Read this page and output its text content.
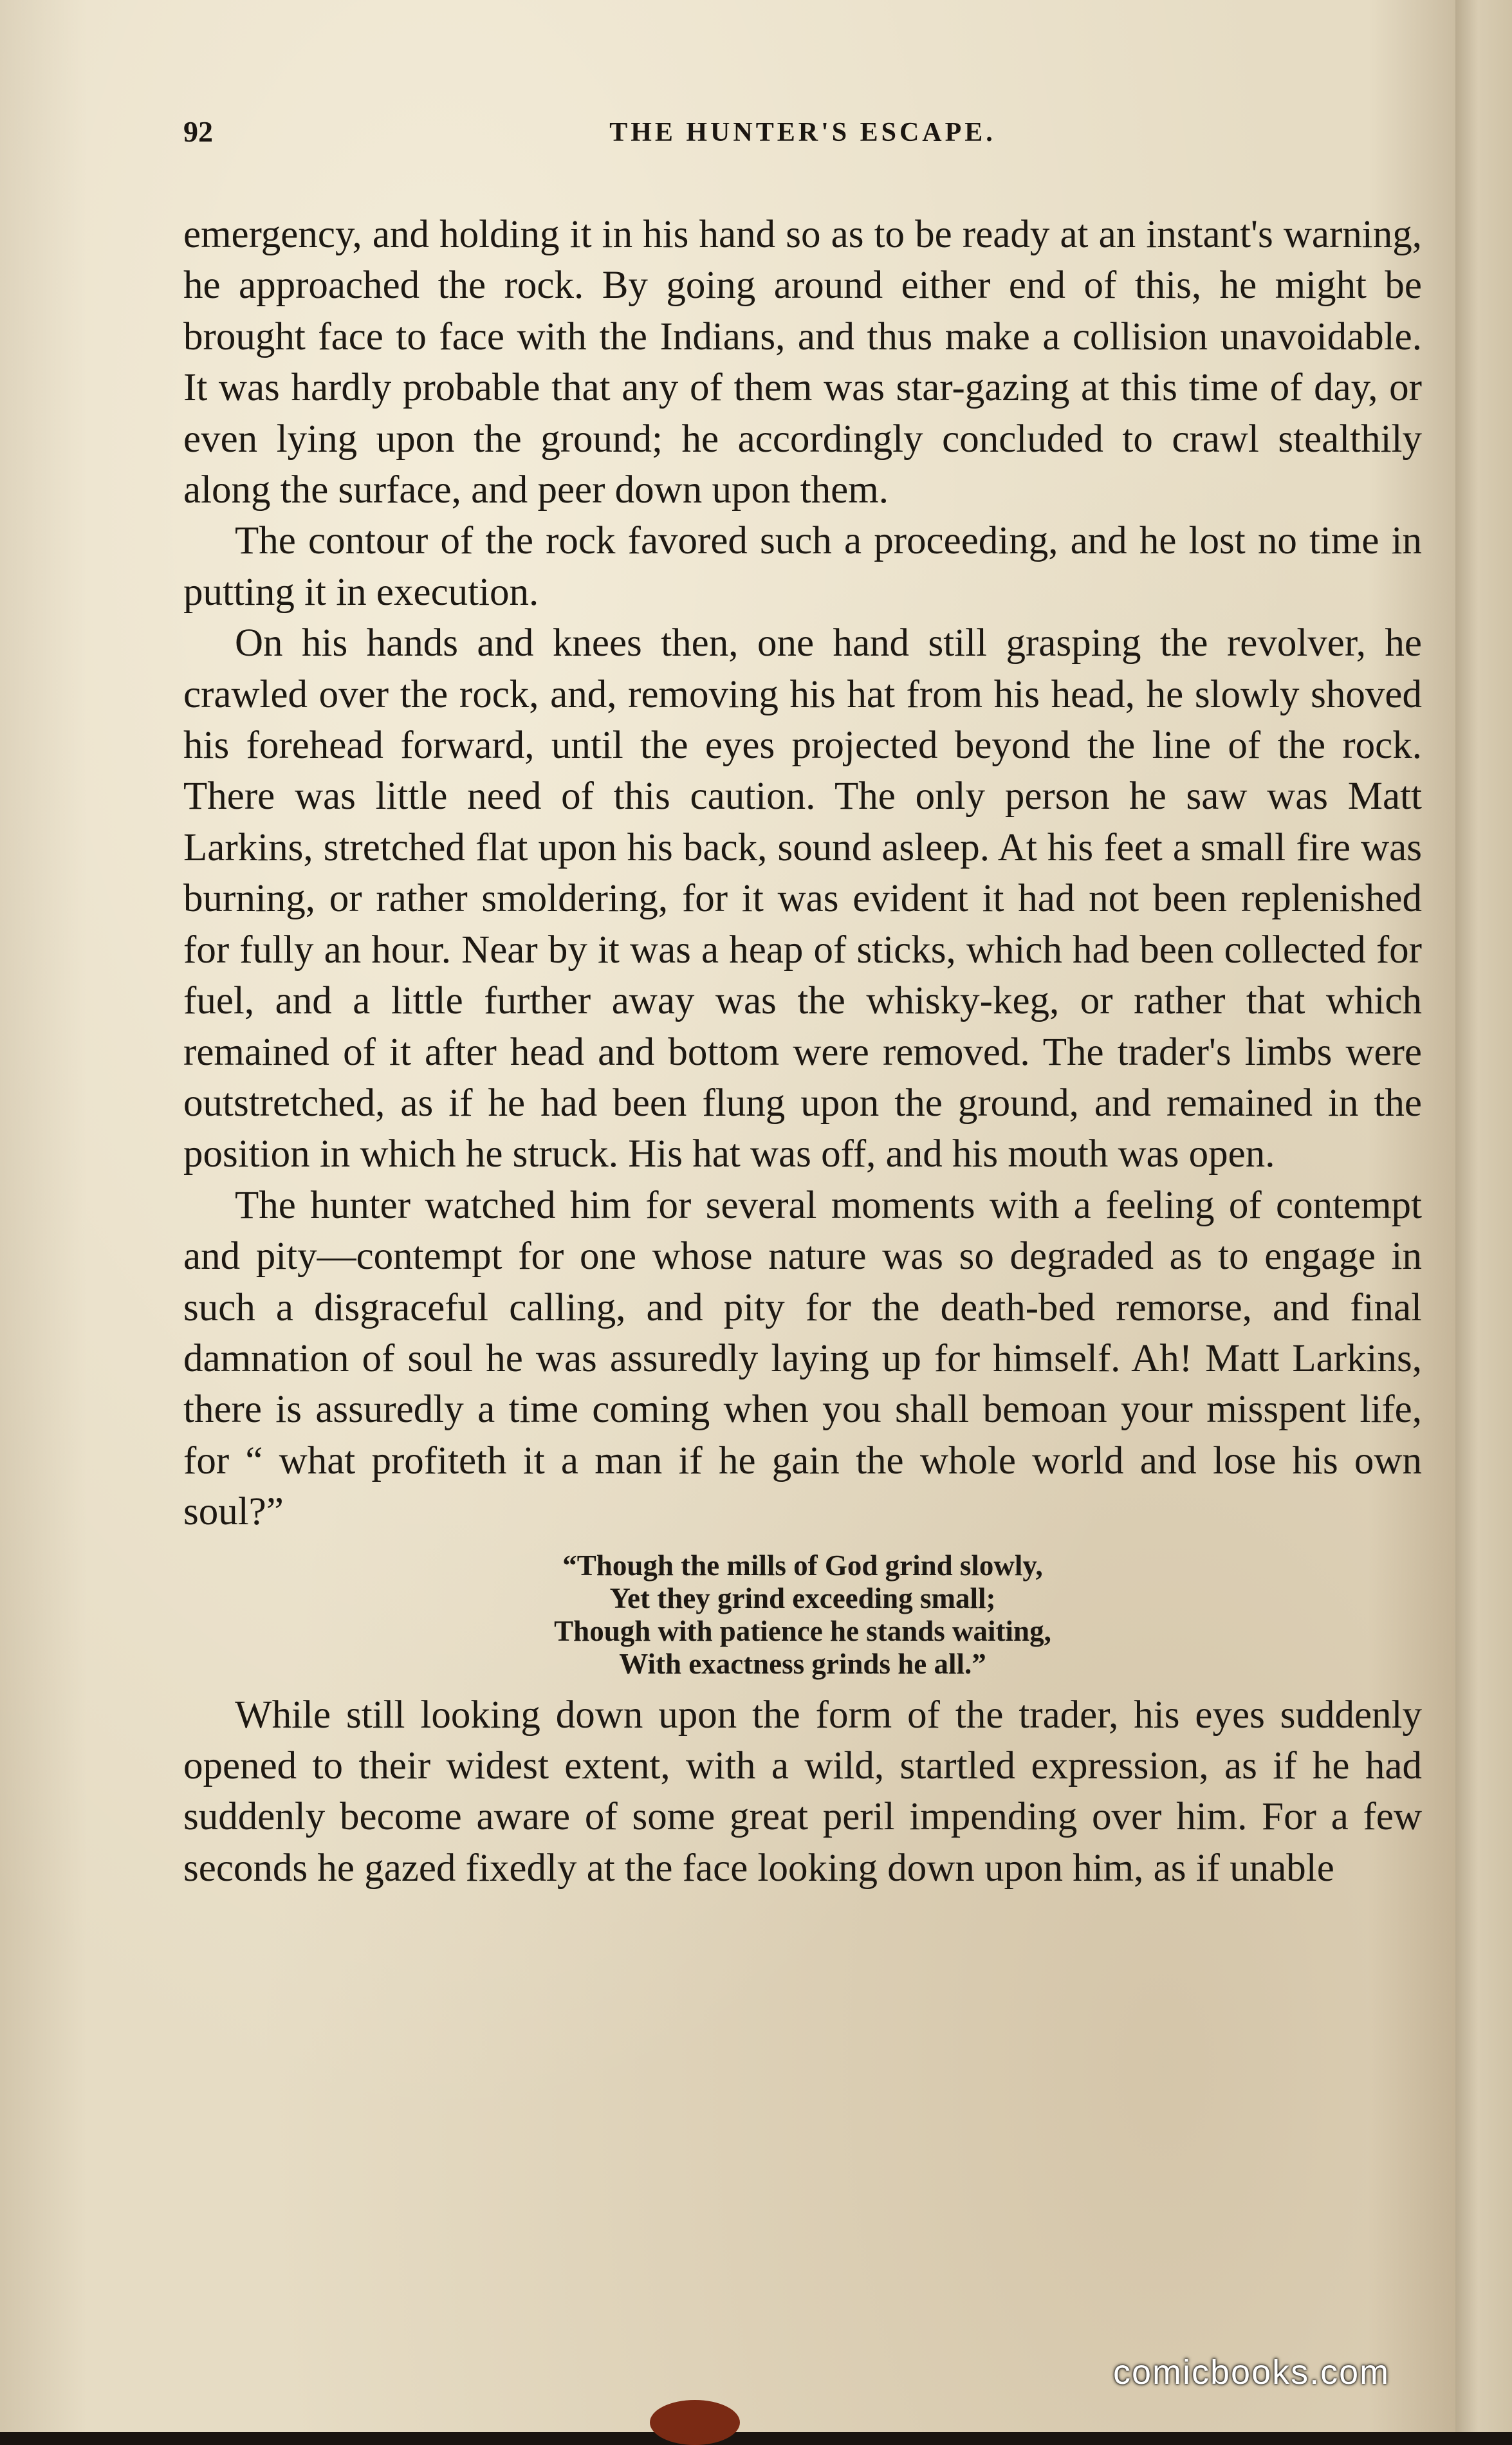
92	THE HUNTER'S ESCAPE.

emergency, and holding it in his hand so as to be ready at an instant's warning, he approached the rock. By going around either end of this, he might be brought face to face with the Indians, and thus make a collision unavoidable. It was hardly probable that any of them was star-gazing at this time of day, or even lying upon the ground; he accordingly concluded to crawl stealthily along the surface, and peer down upon them.

The contour of the rock favored such a proceeding, and he lost no time in putting it in execution.

On his hands and knees then, one hand still grasping the revolver, he crawled over the rock, and, removing his hat from his head, he slowly shoved his forehead forward, until the eyes projected beyond the line of the rock. There was little need of this caution. The only person he saw was Matt Larkins, stretched flat upon his back, sound asleep. At his feet a small fire was burning, or rather smoldering, for it was evident it had not been replenished for fully an hour. Near by it was a heap of sticks, which had been collected for fuel, and a little further away was the whisky-keg, or rather that which remained of it after head and bottom were removed. The trader's limbs were outstretched, as if he had been flung upon the ground, and remained in the position in which he struck. His hat was off, and his mouth was open.

The hunter watched him for several moments with a feeling of contempt and pity—contempt for one whose nature was so degraded as to engage in such a disgraceful calling, and pity for the death-bed remorse, and final damnation of soul he was assuredly laying up for himself. Ah! Matt Larkins, there is assuredly a time coming when you shall bemoan your misspent life, for “ what profiteth it a man if he gain the whole world and lose his own soul?”

“Though the mills of God grind slowly,
Yet they grind exceeding small;
Though with patience he stands waiting,
With exactness grinds he all.”

While still looking down upon the form of the trader, his eyes suddenly opened to their widest extent, with a wild, startled expression, as if he had suddenly become aware of some great peril impending over him. For a few seconds he gazed fixedly at the face looking down upon him, as if unable

comicbooks.com
